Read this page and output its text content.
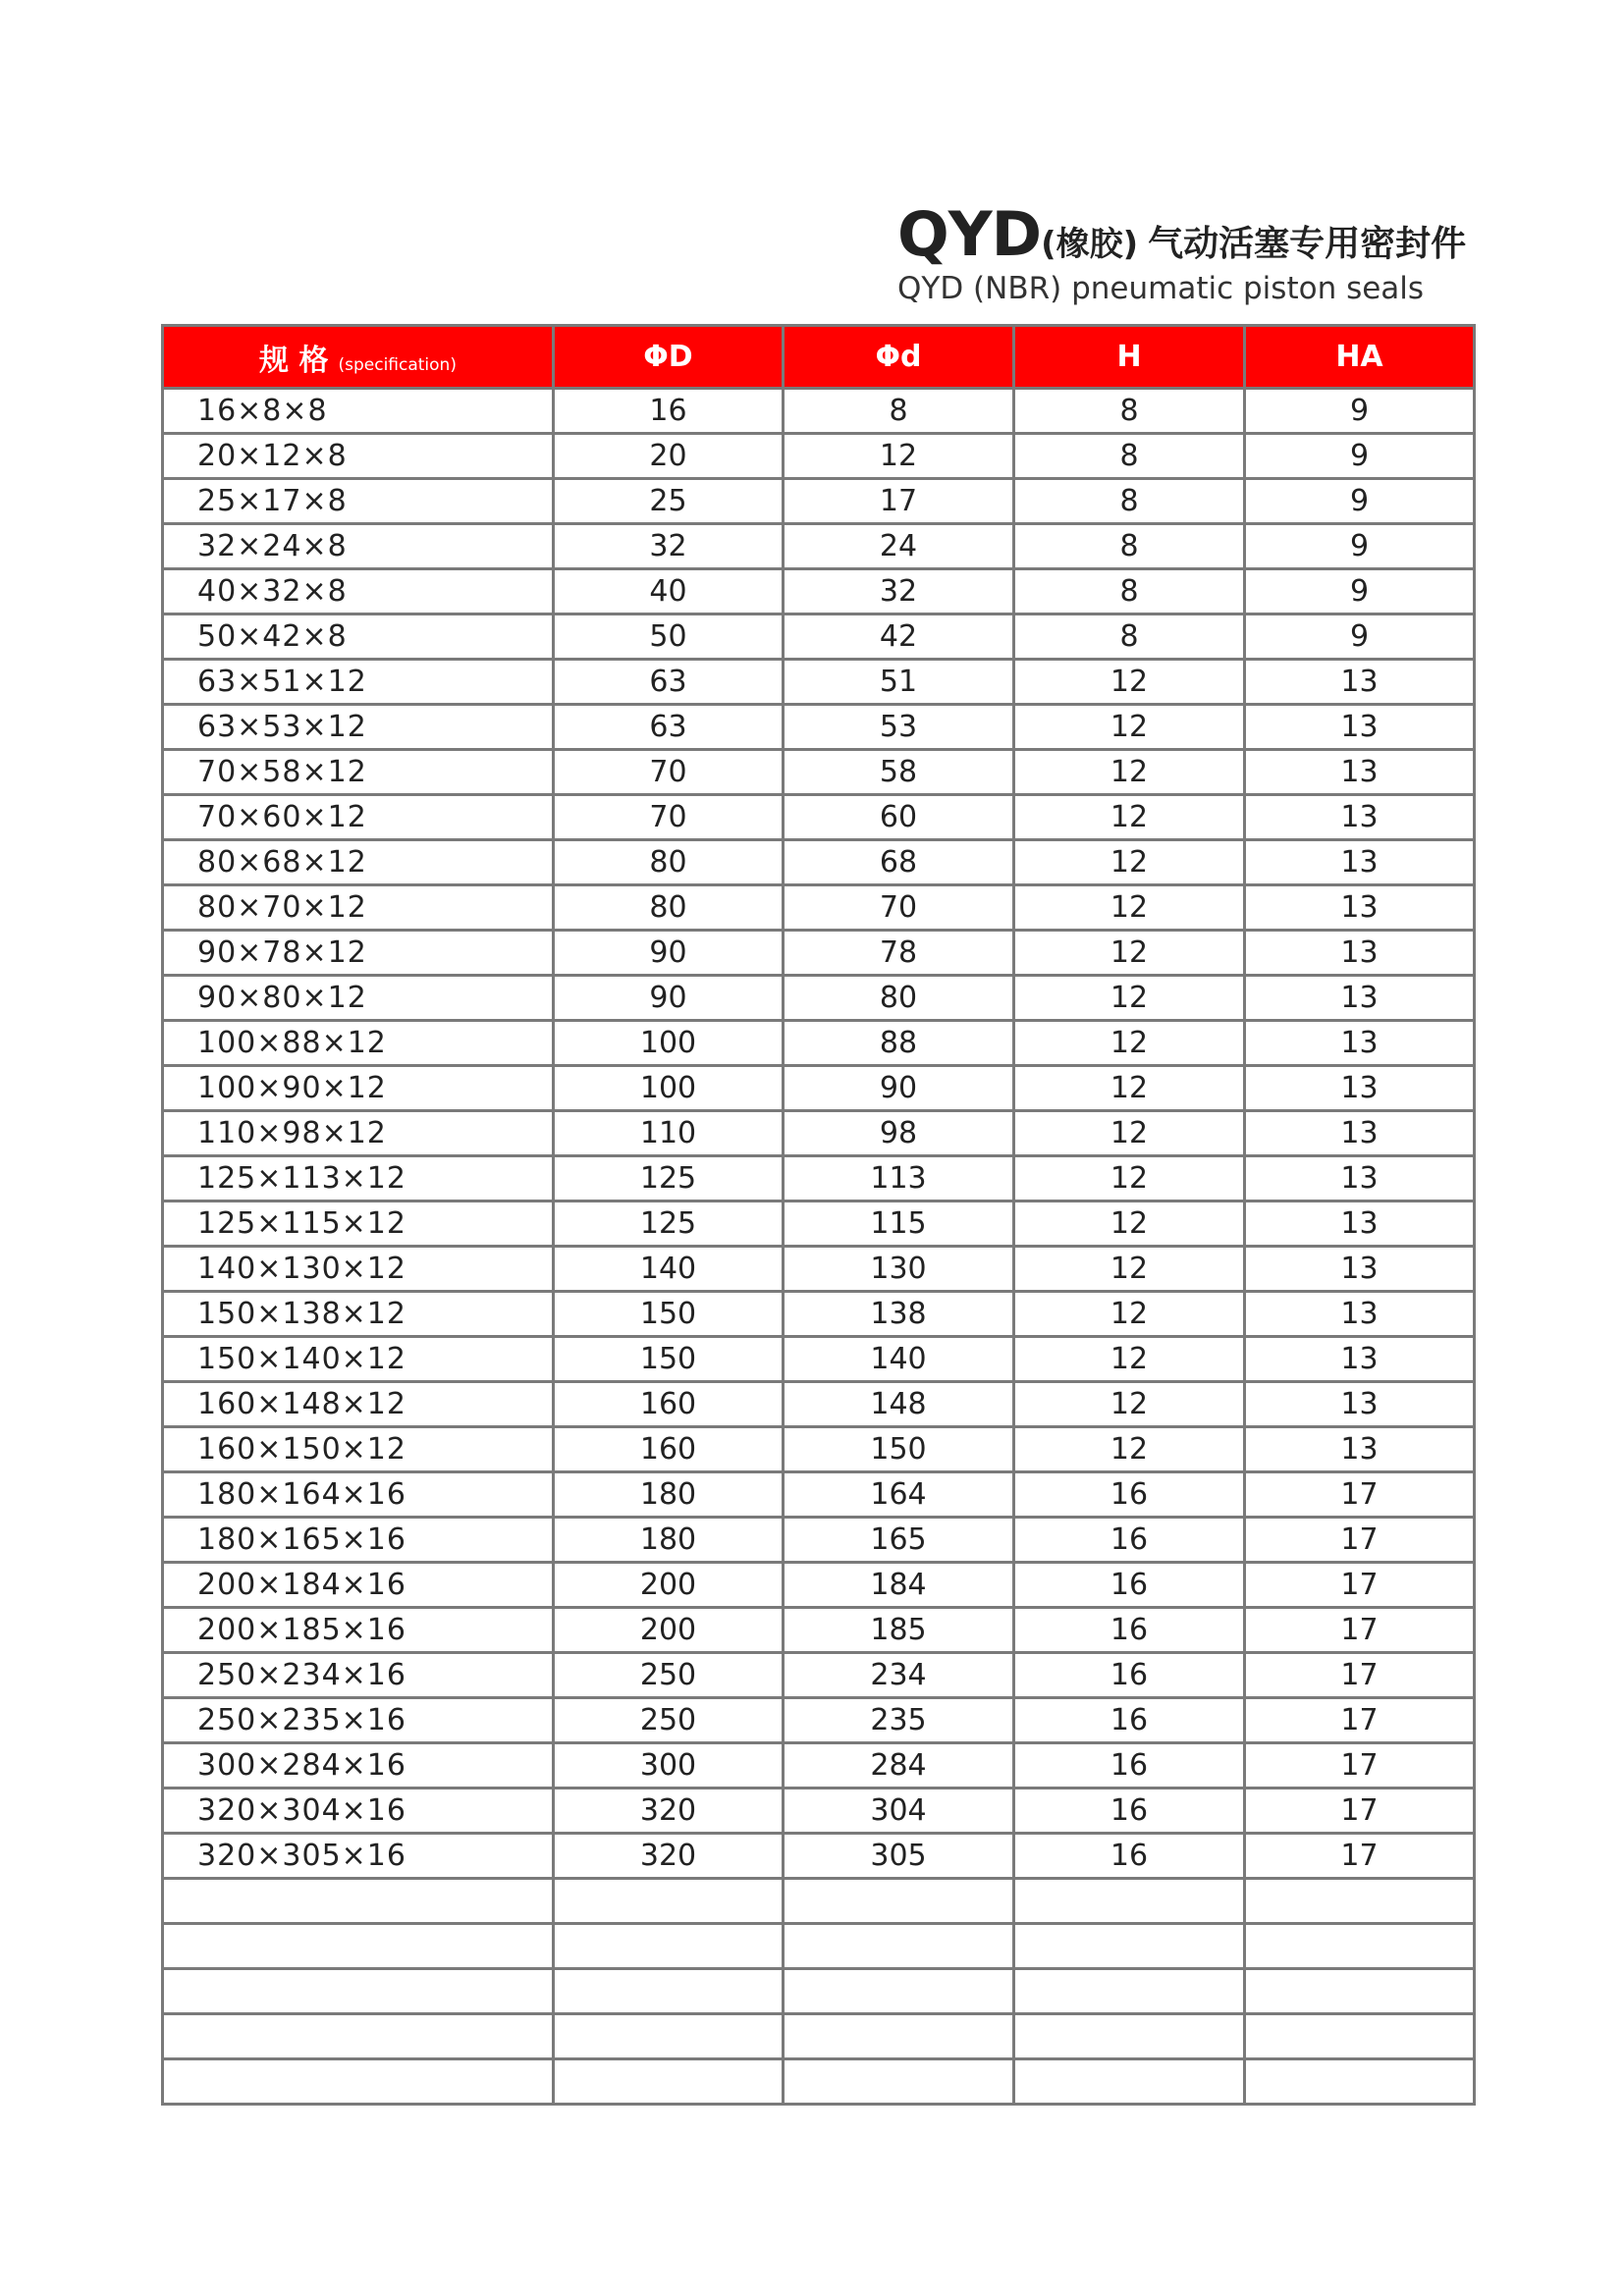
QYD(橡胶) 气动活塞专用密封件
QYD (NBR) pneumatic piston seals
规 格 (specification)	ΦD	Φd	H	HA
16×8×8	16	8	8	9
20×12×8	20	12	8	9
25×17×8	25	17	8	9
32×24×8	32	24	8	9
40×32×8	40	32	8	9
50×42×8	50	42	8	9
63×51×12	63	51	12	13
63×53×12	63	53	12	13
70×58×12	70	58	12	13
70×60×12	70	60	12	13
80×68×12	80	68	12	13
80×70×12	80	70	12	13
90×78×12	90	78	12	13
90×80×12	90	80	12	13
100×88×12	100	88	12	13
100×90×12	100	90	12	13
110×98×12	110	98	12	13
125×113×12	125	113	12	13
125×115×12	125	115	12	13
140×130×12	140	130	12	13
150×138×12	150	138	12	13
150×140×12	150	140	12	13
160×148×12	160	148	12	13
160×150×12	160	150	12	13
180×164×16	180	164	16	17
180×165×16	180	165	16	17
200×184×16	200	184	16	17
200×185×16	200	185	16	17
250×234×16	250	234	16	17
250×235×16	250	235	16	17
300×284×16	300	284	16	17
320×304×16	320	304	16	17
320×305×16	320	305	16	17
